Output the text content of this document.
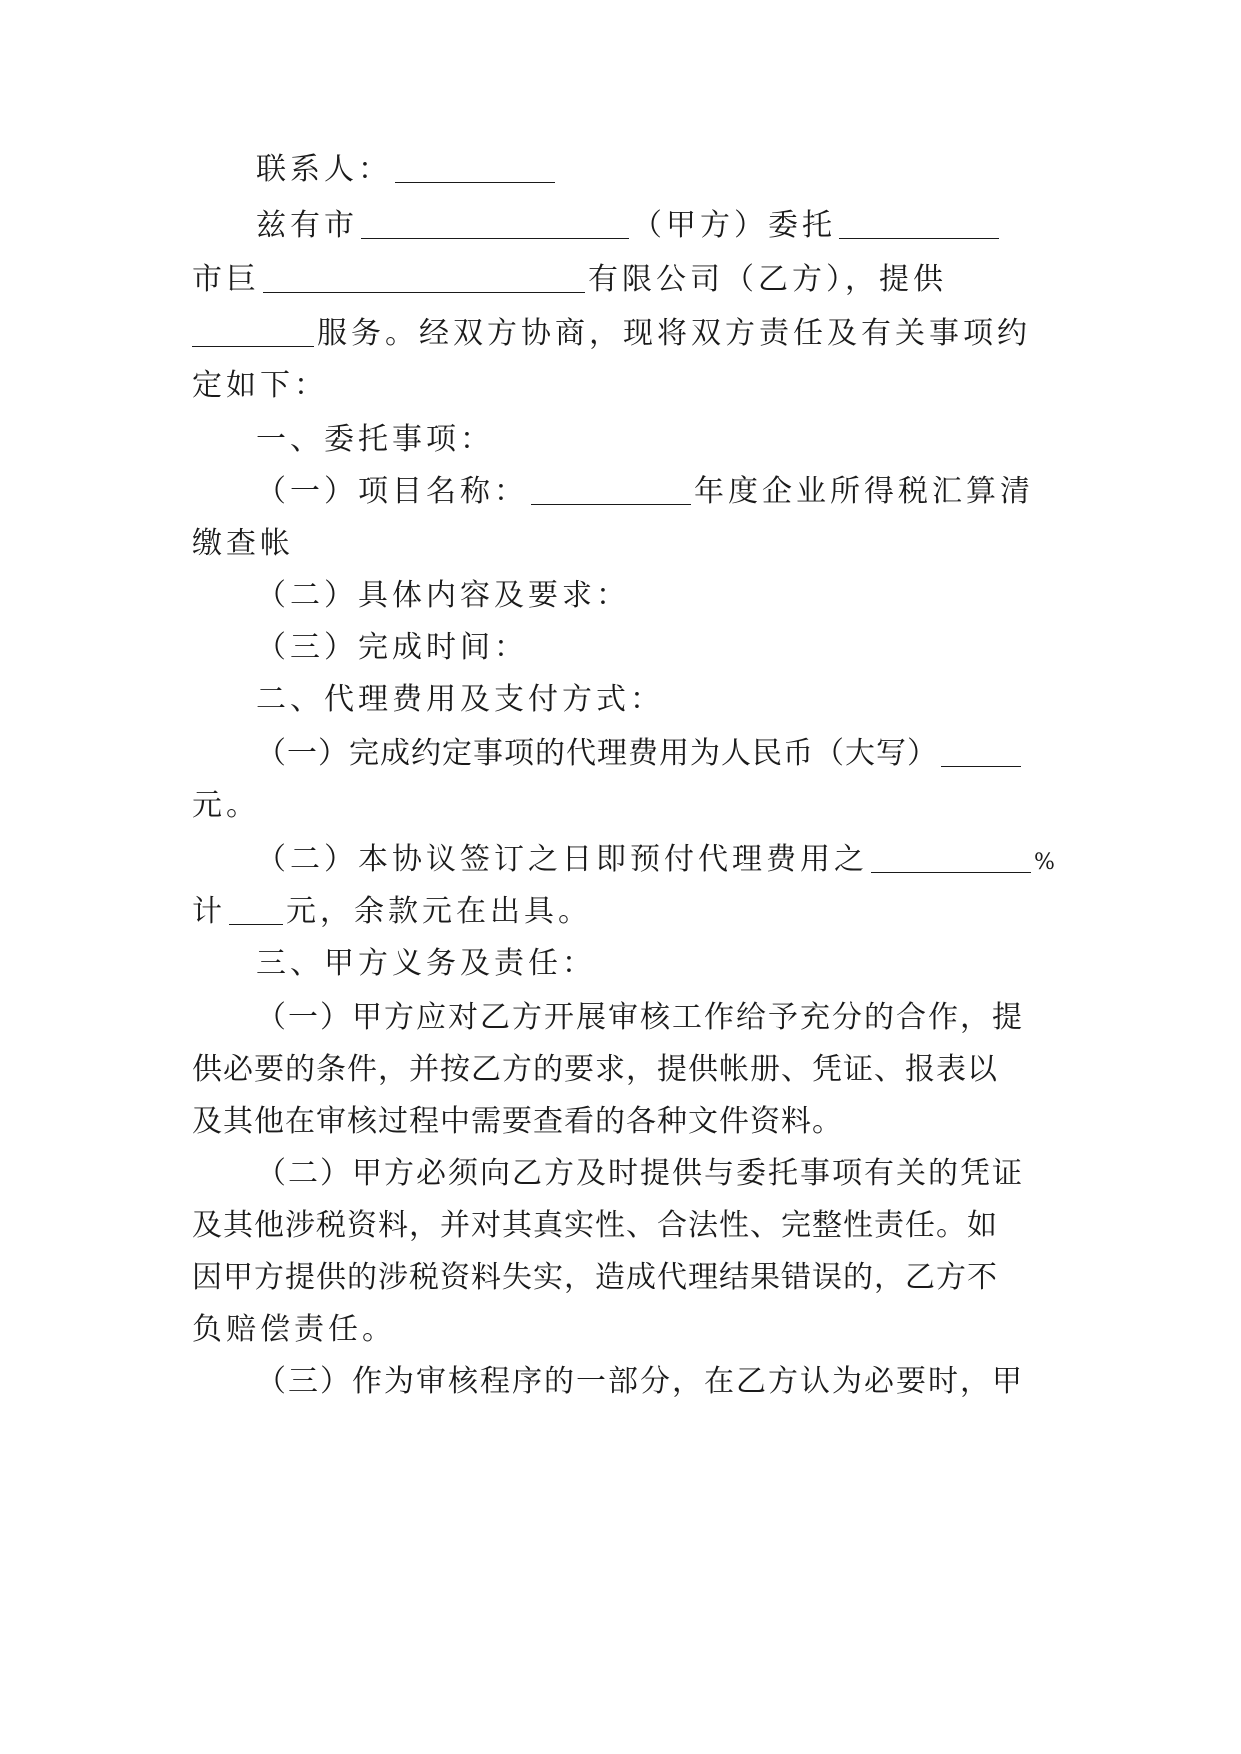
联系人：
兹有市	（甲方）委托
市巨	有限公司（乙方），提供
服务。经双方协商，现将双方责任及有关事项约
定如下：
一、委托事项：
（一）项目名称：	年度企业所得税汇算清
缴查帐
（二）具体内容及要求：
（三）完成时间：
二、代理费用及支付方式：
（一）完成约定事项的代理费用为人民币（大写）
元。
（二）本协议签订之日即预付代理费用之	%
计 元，余款元在出具。
三、甲方义务及责任：
（一）甲方应对乙方开展审核工作给予充分的合作，提
供必要的条件，并按乙方的要求，提供帐册、凭证、报表以
及其他在审核过程中需要查看的各种文件资料。
（二）甲方必须向乙方及时提供与委托事项有关的凭证
及其他涉税资料，并对其真实性、合法性、完整性责任。如
因甲方提供的涉税资料失实，造成代理结果错误的，乙方不
负赔偿责任。
（三）作为审核程序的一部分，在乙方认为必要时，甲
